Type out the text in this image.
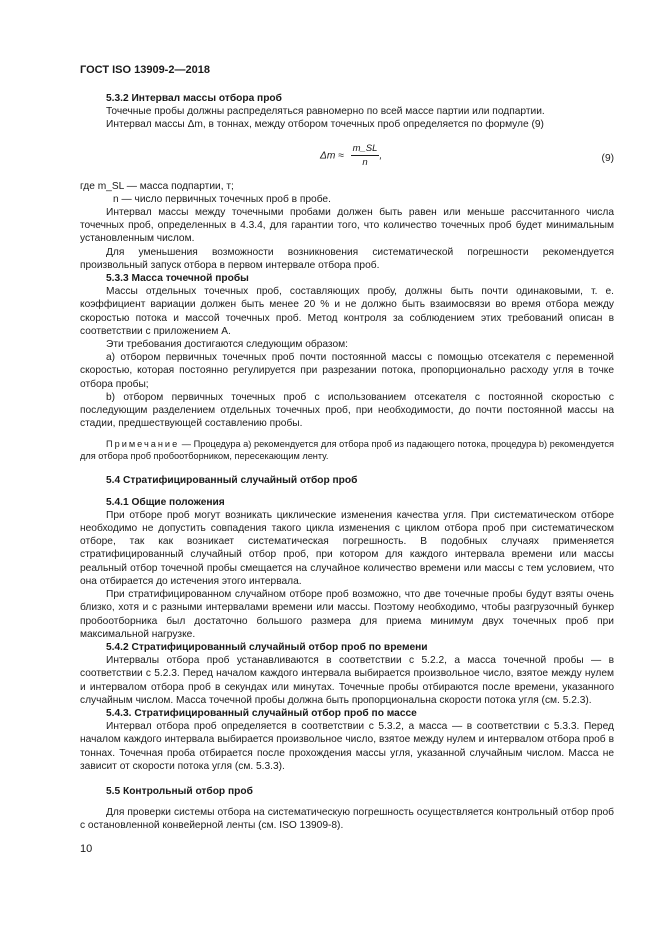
ГОСТ ISO 13909-2—2018

5.3.2 Интервал массы отбора проб

Точечные пробы должны распределяться равномерно по всей массе партии или подпартии.

Интервал массы Δm, в тоннах, между отбором точечных проб определяется по формуле (9)

$\Delta m \approx \frac{m\_SL}{n}$ ,	(9)

где m_SL — масса подпартии, т;

n — число первичных точечных проб в пробе.

Интервал массы между точечными пробами должен быть равен или меньше рассчитанного числа точечных проб, определенных в 4.3.4, для гарантии того, что количество точечных проб будет минимальным установленным числом.

Для уменьшения возможности возникновения систематической погрешности рекомендуется произвольный запуск отбора в первом интервале отбора проб.

5.3.3 Масса точечной пробы

Массы отдельных точечных проб, составляющих пробу, должны быть почти одинаковыми, т. е. коэффициент вариации должен быть менее 20 % и не должно быть взаимосвязи во время отбора между скоростью потока и массой точечных проб. Метод контроля за соблюдением этих требований описан в соответствии с приложением А.

Эти требования достигаются следующим образом:

а) отбором первичных точечных проб почти постоянной массы с помощью отсекателя с переменной скоростью, которая постоянно регулируется при разрезании потока, пропорционально расходу угля в точке отбора пробы;

b) отбором первичных точечных проб с использованием отсекателя с постоянной скоростью с последующим разделением отдельных точечных проб, при необходимости, до почти постоянной массы на стадии, предшествующей составлению пробы.

Примечание — Процедура а) рекомендуется для отбора проб из падающего потока, процедура b) рекомендуется для отбора проб пробоотборником, пересекающим ленту.

5.4 Стратифицированный случайный отбор проб

5.4.1 Общие положения

При отборе проб могут возникать циклические изменения качества угля. При систематическом отборе необходимо не допустить совпадения такого цикла изменения с циклом отбора проб при систематическом отборе, так как возникает систематическая погрешность. В подобных случаях применяется стратифицированный случайный отбор проб, при котором для каждого интервала времени или массы реальный отбор точечной пробы смещается на случайное количество времени или массы с тем условием, что она отбирается до истечения этого интервала.

При стратифицированном случайном отборе проб возможно, что две точечные пробы будут взяты очень близко, хотя и с разными интервалами времени или массы. Поэтому необходимо, чтобы разгрузочный бункер пробоотборника был достаточно большого размера для приема минимум двух точечных проб при максимальной нагрузке.

5.4.2 Стратифицированный случайный отбор проб по времени

Интервалы отбора проб устанавливаются в соответствии с 5.2.2, а масса точечной пробы — в соответствии с 5.2.3. Перед началом каждого интервала выбирается произвольное число, взятое между нулем и интервалом отбора проб в секундах или минутах. Точечные пробы отбираются после времени, указанного случайным числом. Масса точечной пробы должна быть пропорциональна скорости потока угля (см. 5.2.3).

5.4.3. Стратифицированный случайный отбор проб по массе

Интервал отбора проб определяется в соответствии с 5.3.2, а масса — в соответствии с 5.3.3. Перед началом каждого интервала выбирается произвольное число, взятое между нулем и интервалом отбора проб в тоннах. Точечная проба отбирается после прохождения массы угля, указанной случайным числом. Масса не зависит от скорости потока угля (см. 5.3.3).

5.5 Контрольный отбор проб

Для проверки системы отбора на систематическую погрешность осуществляется контрольный отбор проб с остановленной конвейерной ленты (см. ISO 13909-8).

10
